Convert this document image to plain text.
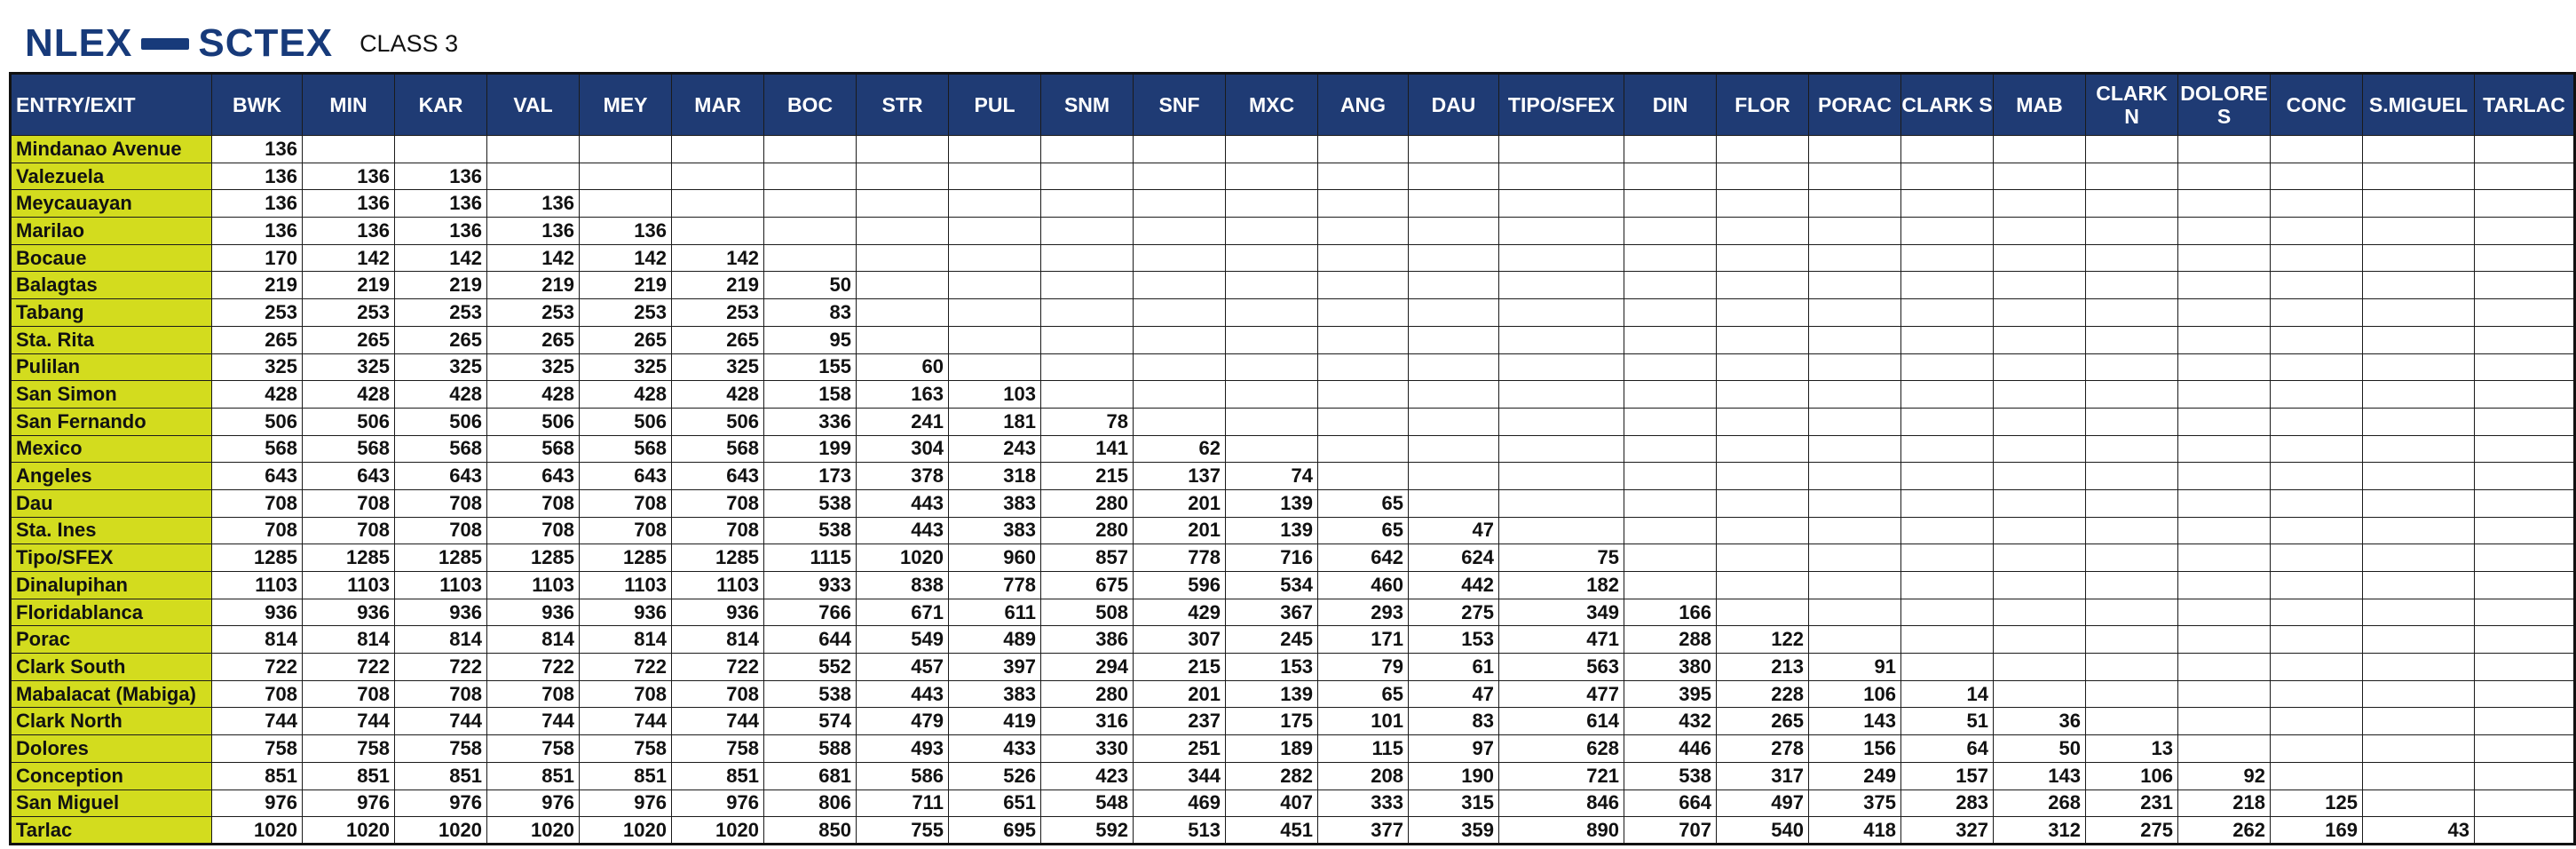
NLEX SCTEX CLASS 3
ENTRY/EXIT	BWK	MIN	KAR	VAL	MEY	MAR	BOC	STR	PUL	SNM	SNF	MXC	ANG	DAU	TIPO/SFEX	DIN	FLOR	PORAC	CLARK S	MAB	CLARK N	DOLORE S	CONC	S.MIGUEL	TARLAC
Mindanao Avenue	136																								
Valezuela	136	136	136																						
Meycauayan	136	136	136	136																					
Marilao	136	136	136	136	136																				
Bocaue	170	142	142	142	142	142																			
Balagtas	219	219	219	219	219	219	50																		
Tabang	253	253	253	253	253	253	83																		
Sta. Rita	265	265	265	265	265	265	95																		
Pulilan	325	325	325	325	325	325	155	60																	
San Simon	428	428	428	428	428	428	158	163	103																
San Fernando	506	506	506	506	506	506	336	241	181	78															
Mexico	568	568	568	568	568	568	199	304	243	141	62														
Angeles	643	643	643	643	643	643	173	378	318	215	137	74													
Dau	708	708	708	708	708	708	538	443	383	280	201	139	65												
Sta. Ines	708	708	708	708	708	708	538	443	383	280	201	139	65	47											
Tipo/SFEX	1285	1285	1285	1285	1285	1285	1115	1020	960	857	778	716	642	624	75										
Dinalupihan	1103	1103	1103	1103	1103	1103	933	838	778	675	596	534	460	442	182										
Floridablanca	936	936	936	936	936	936	766	671	611	508	429	367	293	275	349	166									
Porac	814	814	814	814	814	814	644	549	489	386	307	245	171	153	471	288	122								
Clark South	722	722	722	722	722	722	552	457	397	294	215	153	79	61	563	380	213	91							
Mabalacat (Mabiga)	708	708	708	708	708	708	538	443	383	280	201	139	65	47	477	395	228	106	14						
Clark North	744	744	744	744	744	744	574	479	419	316	237	175	101	83	614	432	265	143	51	36					
Dolores	758	758	758	758	758	758	588	493	433	330	251	189	115	97	628	446	278	156	64	50	13				
Conception	851	851	851	851	851	851	681	586	526	423	344	282	208	190	721	538	317	249	157	143	106	92			
San Miguel	976	976	976	976	976	976	806	711	651	548	469	407	333	315	846	664	497	375	283	268	231	218	125		
Tarlac	1020	1020	1020	1020	1020	1020	850	755	695	592	513	451	377	359	890	707	540	418	327	312	275	262	169	43	
